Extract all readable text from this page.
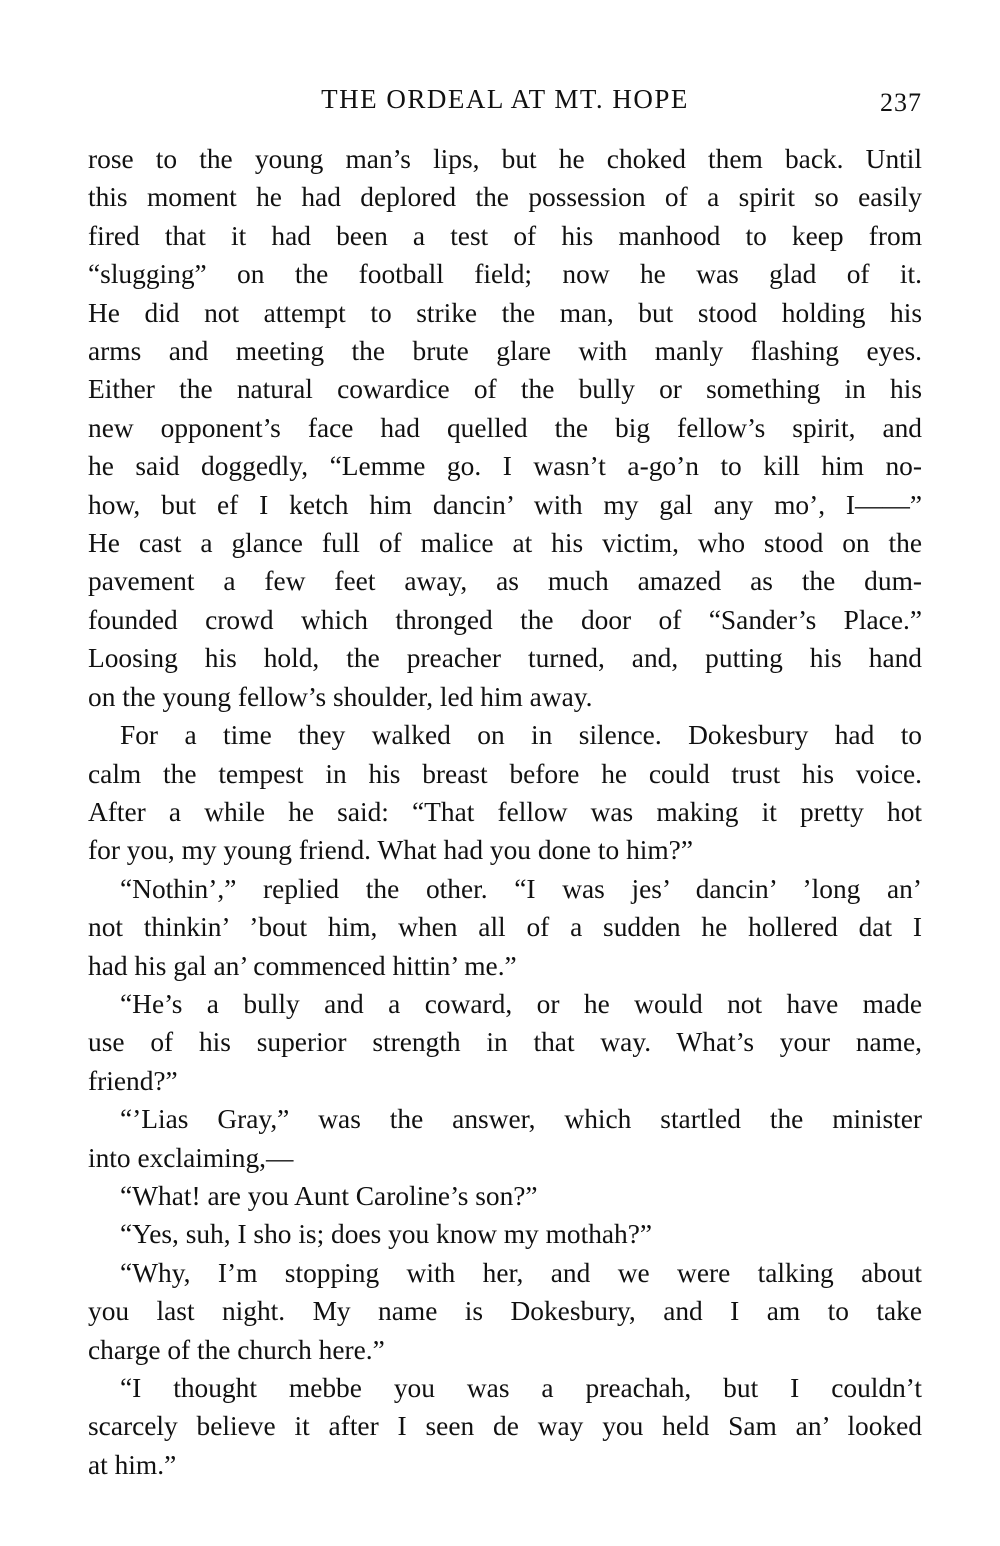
THE ORDEAL AT MT. HOPE	237

rose to the young man’s lips, but he choked them back. Until
this moment he had deplored the possession of a spirit so easily
fired that it had been a test of his manhood to keep from
“slugging” on the football field; now he was glad of it.
He did not attempt to strike the man, but stood holding his
arms and meeting the brute glare with manly flashing eyes.
Either the natural cowardice of the bully or something in his
new opponent’s face had quelled the big fellow’s spirit, and
he said doggedly, “Lemme go. I wasn’t a-go’n to kill him no-
how, but ef I ketch him dancin’ with my gal any mo’, I——”
He cast a glance full of malice at his victim, who stood on the
pavement a few feet away, as much amazed as the dum-
founded crowd which thronged the door of “Sander’s Place.”
Loosing his hold, the preacher turned, and, putting his hand
on the young fellow’s shoulder, led him away.

For a time they walked on in silence. Dokesbury had to
calm the tempest in his breast before he could trust his voice.
After a while he said: “That fellow was making it pretty hot
for you, my young friend. What had you done to him?”

“Nothin’,” replied the other. “I was jes’ dancin’ ’long an’
not thinkin’ ’bout him, when all of a sudden he hollered dat I
had his gal an’ commenced hittin’ me.”

“He’s a bully and a coward, or he would not have made
use of his superior strength in that way. What’s your name,
friend?”

“’Lias Gray,” was the answer, which startled the minister
into exclaiming,—

“What! are you Aunt Caroline’s son?”

“Yes, suh, I sho is; does you know my mothah?”

“Why, I’m stopping with her, and we were talking about
you last night. My name is Dokesbury, and I am to take
charge of the church here.”

“I thought mebbe you was a preachah, but I couldn’t
scarcely believe it after I seen de way you held Sam an’ looked
at him.”
